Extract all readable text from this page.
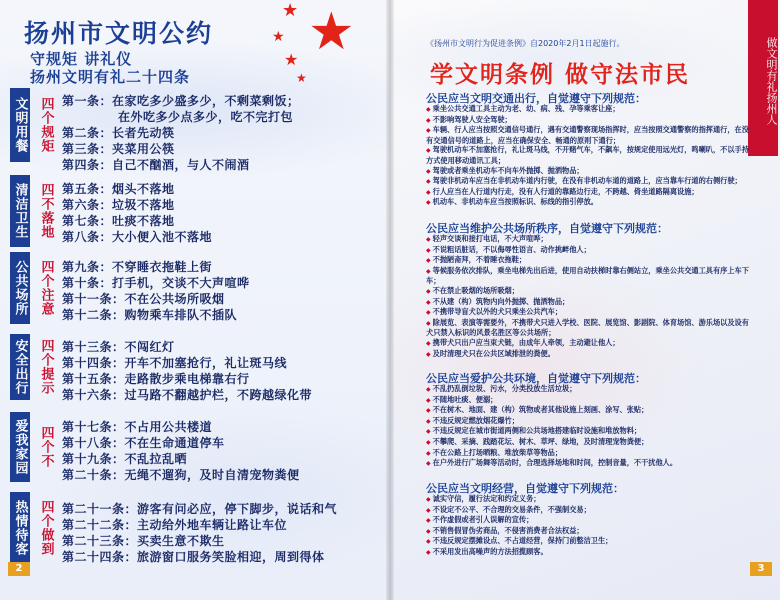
★
★
★
★
★
扬州市文明公约
守规矩 讲礼仪
扬州文明有礼二十四条
文明用餐 四个规矩 第一条：在家吃多少盛多少，不剩菜剩饭；
在外吃多少点多少，吃不完打包
第二条：长者先动筷
第三条：夹菜用公筷
第四条：自己不酗酒，与人不闹酒
清洁卫生 四不落地 第五条：烟头不落地
第六条：垃圾不落地
第七条：吐痰不落地
第八条：大小便入池不落地
公共场所 四个注意 第九条：不穿睡衣拖鞋上街
第十条：打手机，交谈不大声喧哗
第十一条：不在公共场所吸烟
第十二条：购物乘车排队不插队
安全出行 四个提示 第十三条：不闯红灯
第十四条：开车不加塞抢行，礼让斑马线
第十五条：走路散步乘电梯靠右行
第十六条：过马路不翻越护栏，不跨越绿化带
爱我家园 四个不 第十七条：不占用公共楼道
第十八条：不在生命通道停车
第十九条：不乱拉乱晒
第二十条：无绳不遛狗，及时自清宠物粪便
热情待客 四个做到 第二十一条：游客有问必应，停下脚步，说话和气
第二十二条：主动给外地车辆让路让车位
第二十三条：买卖生意不欺生
第二十四条：旅游窗口服务笑脸相迎，周到得体
2
做文明有礼扬州人
《扬州市文明行为促进条例》自2020年2月1日起施行。
学文明条例 做守法市民
公民应当文明交通出行，自觉遵守下列规范：
◆ 乘坐公共交通工具主动为老、幼、病、残、孕等乘客让座；
◆ 不影响驾驶人安全驾驶；
◆ 车辆、行人应当按照交通信号通行，遇有交通警察现场指挥时，应当按照交通警察的指挥通行，在没有交通信号的道路上，应当在确保安全、畅通的原则下通行；
◆ 驾驶机动车不加塞抢行，礼让斑马线，不开赌气车，不飙车，按规定使用远光灯，鸣喇叭，不以手持方式使用移动通讯工具；
◆ 驾驶或者乘坐机动车不向车外抛掷、抛洒物品；
◆ 驾驶非机动车应当在非机动车道内行驶，在没有非机动车道的道路上，应当靠车行道的右侧行驶；
◆ 行人应当在人行道内行走，没有人行道的靠路边行走，不跨越、倚坐道路隔离设施；
◆ 机动车、非机动车应当按照标识、标线的指引停放。
公民应当维护公共场所秩序，自觉遵守下列规范：
◆ 轻声交谈和接打电话，不大声喧哗；
◆ 不说粗话脏话，不以侮辱性语言、动作挑衅他人；
◆ 不抛陋斋拜，不着睡衣拖鞋；
◆ 等候服务依次排队，乘坐电梯先出后进，使用自动扶梯时靠右侧站立，乘坐公共交通工具有序上车下车；
◆ 不在禁止吸烟的场所吸烟；
◆ 不从建（构）筑物内向外抛掷、抛洒物品；
◆ 不携带导盲犬以外的犬只乘坐公共汽车；
◆ 除展览、表演等需要外，不携带犬只进入学校、医院、展览馆、影剧院、体育场馆、游乐场以及设有犬只禁入标识的风景名胜区等公共场所；
◆ 携带犬只出户应当束犬链，由成年人牵领，主动避让他人；
◆ 及时清理犬只在公共区域排泄的粪便。
公民应当爱护公共环境，自觉遵守下列规范：
◆ 不乱扔乱倒垃圾、污水，分类投放生活垃圾；
◆ 不随地吐痰、便溺；
◆ 不在树木、地面、建（构）筑物或者其他设施上刻画、涂写、张贴；
◆ 不违反规定燃放烟花爆竹；
◆ 不违反规定在城市街道两侧和公共场地搭建临时设施和堆放物料；
◆ 不攀爬、采摘、践踏花坛、树木、草坪、绿地，及时清理宠物粪便；
◆ 不在公路上打场晒粮、堆放柴草等物品；
◆ 在户外进行广场舞等活动时，合理选择场地和时间，控制音量，不干扰他人。
公民应当文明经营，自觉遵守下列规范：
◆ 诚实守信，履行法定和约定义务；
◆ 不设定不公平、不合理的交易条件，不强制交易；
◆ 不作虚假或者引人误解的宣传；
◆ 不销售假冒伪劣商品，不侵害消费者合法权益；
◆ 不违反规定摆摊设点、不占道经营，保持门前整洁卫生；
◆ 不采用发出高噪声的方法招揽顾客。
3
